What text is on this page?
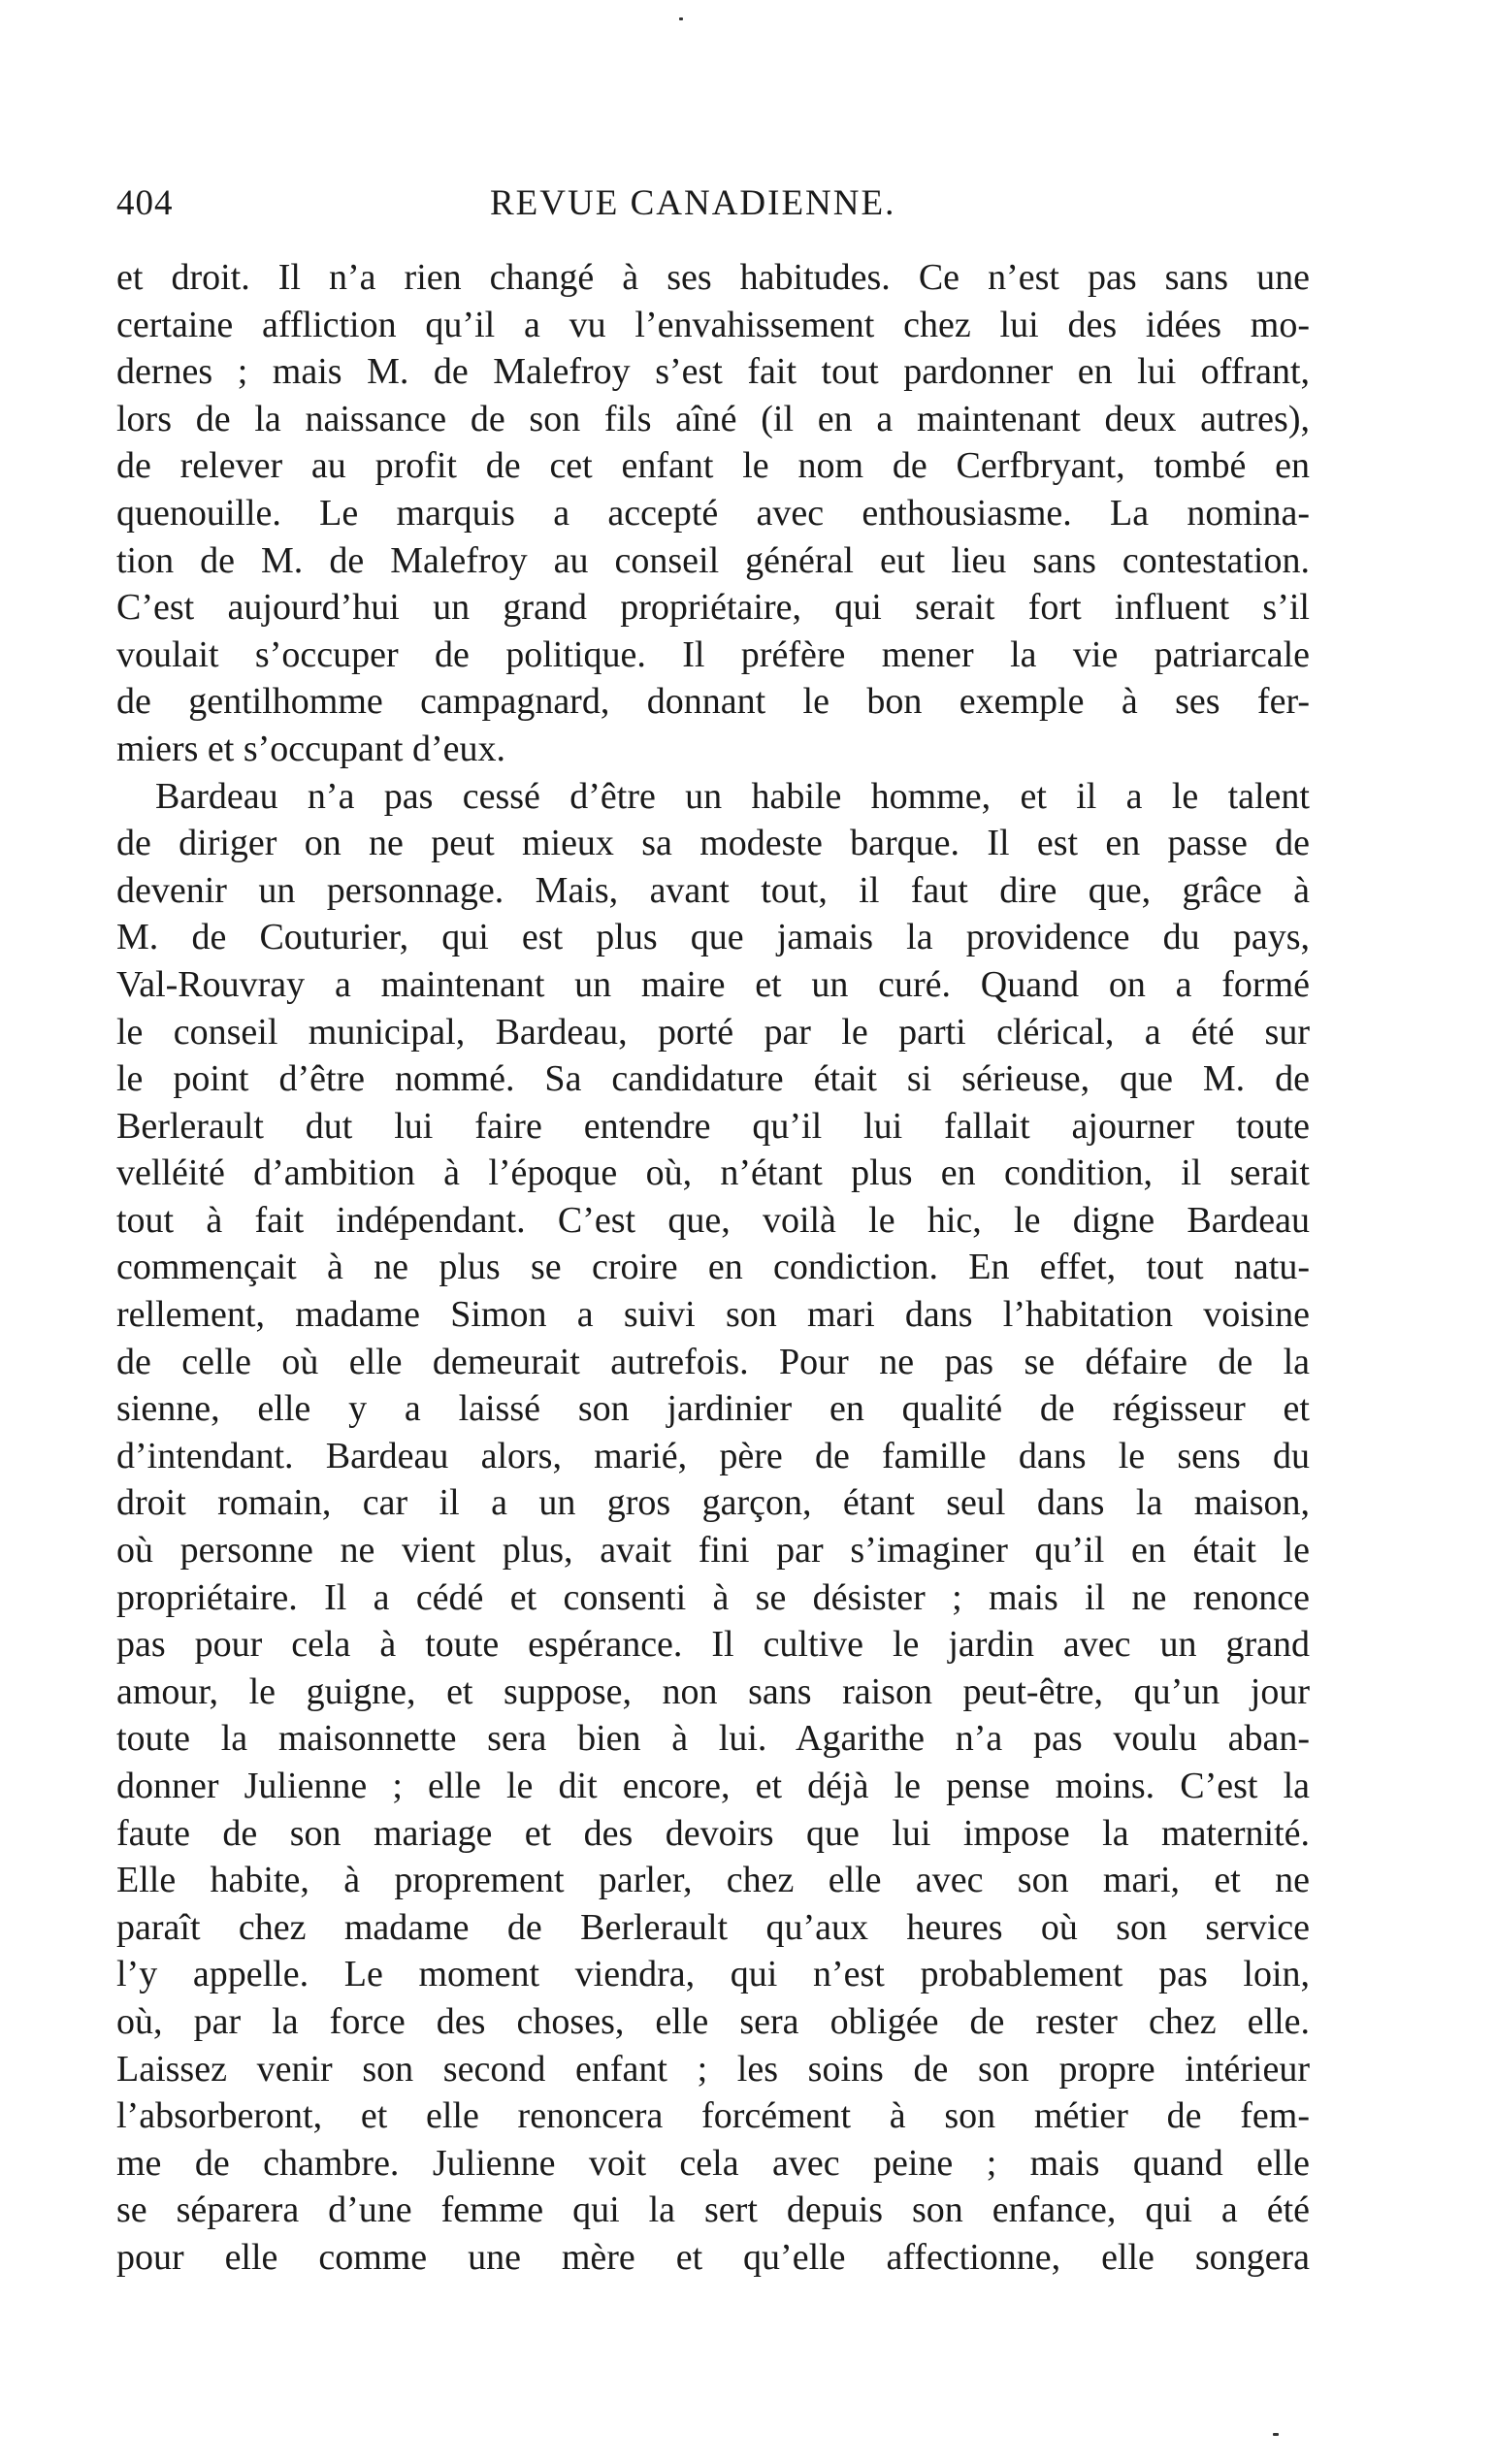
404	REVUE CANADIENNE.
et droit. Il n’a rien changé à ses habitudes. Ce n’est pas sans une
certaine affliction qu’il a vu l’envahissement chez lui des idées mo-
dernes ; mais M. de Malefroy s’est fait tout pardonner en lui offrant,
lors de la naissance de son fils aîné (il en a maintenant deux autres),
de relever au profit de cet enfant le nom de Cerfbryant, tombé en
quenouille. Le marquis a accepté avec enthousiasme. La nomina-
tion de M. de Malefroy au conseil général eut lieu sans contestation.
C’est aujourd’hui un grand propriétaire, qui serait fort influent s’il
voulait s’occuper de politique. Il préfère mener la vie patriarcale
de gentilhomme campagnard, donnant le bon exemple à ses fer-
miers et s’occupant d’eux.
Bardeau n’a pas cessé d’être un habile homme, et il a le talent
de diriger on ne peut mieux sa modeste barque. Il est en passe de
devenir un personnage. Mais, avant tout, il faut dire que, grâce à
M. de Couturier, qui est plus que jamais la providence du pays,
Val-Rouvray a maintenant un maire et un curé. Quand on a formé
le conseil municipal, Bardeau, porté par le parti clérical, a été sur
le point d’être nommé. Sa candidature était si sérieuse, que M. de
Berlerault dut lui faire entendre qu’il lui fallait ajourner toute
velléité d’ambition à l’époque où, n’étant plus en condition, il serait
tout à fait indépendant. C’est que, voilà le hic, le digne Bardeau
commençait à ne plus se croire en condiction. En effet, tout natu-
rellement, madame Simon a suivi son mari dans l’habitation voisine
de celle où elle demeurait autrefois. Pour ne pas se défaire de la
sienne, elle y a laissé son jardinier en qualité de régisseur et
d’intendant. Bardeau alors, marié, père de famille dans le sens du
droit romain, car il a un gros garçon, étant seul dans la maison,
où personne ne vient plus, avait fini par s’imaginer qu’il en était le
propriétaire. Il a cédé et consenti à se désister ; mais il ne renonce
pas pour cela à toute espérance. Il cultive le jardin avec un grand
amour, le guigne, et suppose, non sans raison peut-être, qu’un jour
toute la maisonnette sera bien à lui. Agarithe n’a pas voulu aban-
donner Julienne ; elle le dit encore, et déjà le pense moins. C’est la
faute de son mariage et des devoirs que lui impose la maternité.
Elle habite, à proprement parler, chez elle avec son mari, et ne
paraît chez madame de Berlerault qu’aux heures où son service
l’y appelle. Le moment viendra, qui n’est probablement pas loin,
où, par la force des choses, elle sera obligée de rester chez elle.
Laissez venir son second enfant ; les soins de son propre intérieur
l’absorberont, et elle renoncera forcément à son métier de fem-
me de chambre. Julienne voit cela avec peine ; mais quand elle
se séparera d’une femme qui la sert depuis son enfance, qui a été
pour elle comme une mère et qu’elle affectionne, elle songera
